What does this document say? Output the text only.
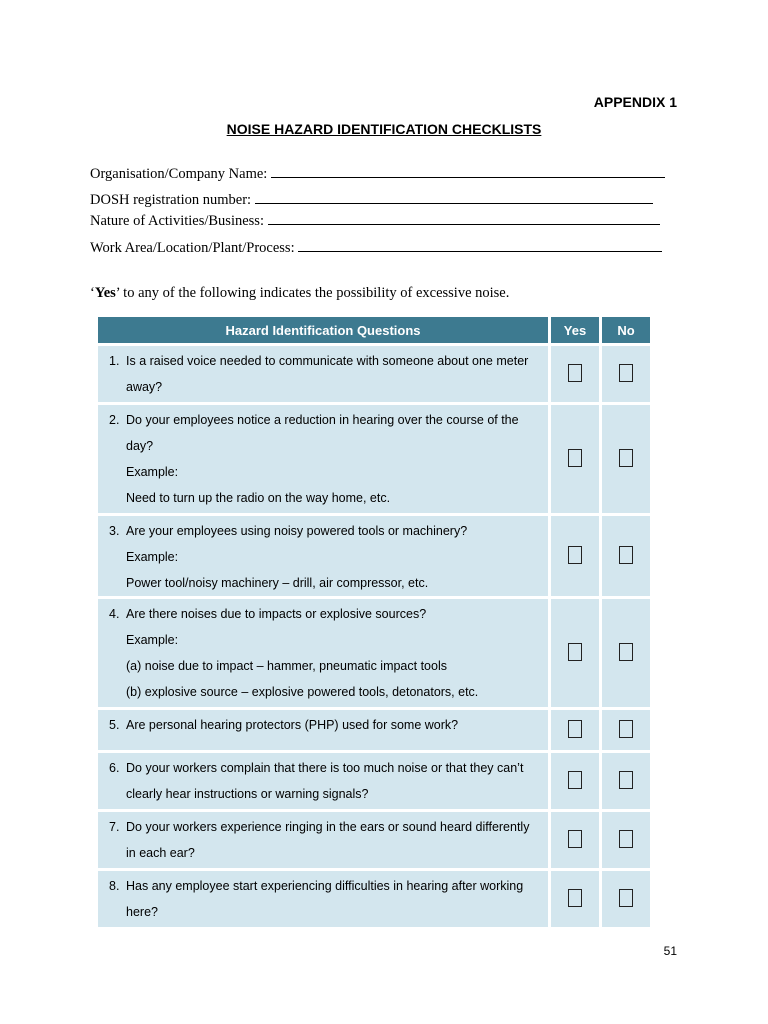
APPENDIX 1
NOISE HAZARD IDENTIFICATION CHECKLISTS
Organisation/Company Name:
DOSH registration number:
Nature of Activities/Business:
Work Area/Location/Plant/Process:
‘Yes’ to any of the following indicates the possibility of excessive noise.
Hazard Identification Questions	Yes	No

1. Is a raised voice needed to communicate with someone about one meter
away?		

2. Do your employees notice a reduction in hearing over the course of the
day?
Example:
Need to turn up the radio on the way home, etc.		

3. Are your employees using noisy powered tools or machinery?
Example:
Power tool/noisy machinery – drill, air compressor, etc.		

4. Are there noises due to impacts or explosive sources?
Example:
(a) noise due to impact – hammer, pneumatic impact tools
(b) explosive source – explosive powered tools, detonators, etc.		

5. Are personal hearing protectors (PHP) used for some work?		

6. Do your workers complain that there is too much noise or that they can’t
clearly hear instructions or warning signals?		

7. Do your workers experience ringing in the ears or sound heard differently
in each ear?		

8. Has any employee start experiencing difficulties in hearing after working
here?		

51
